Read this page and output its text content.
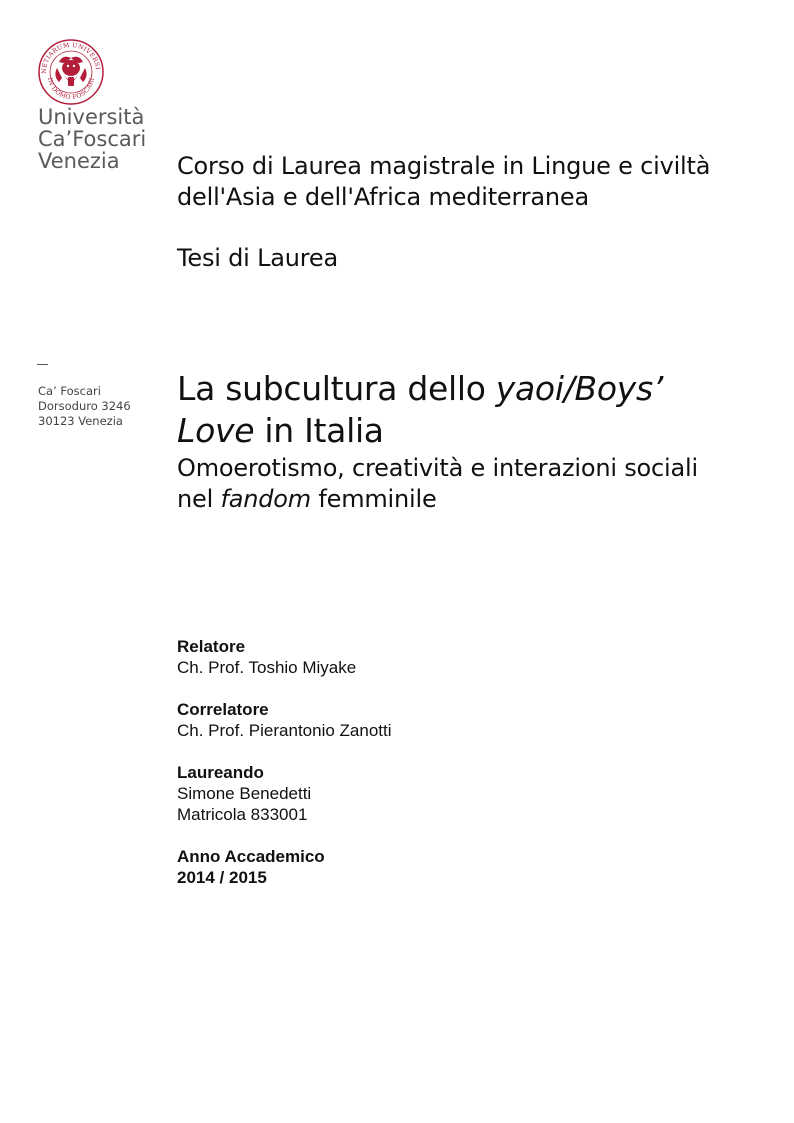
NETIARUM UNIVERSI
IN DOMO FOSCARI
Università
Ca’Foscari
Venezia
Ca’ Foscari
Dorsoduro 3246
30123 Venezia
Corso di Laurea magistrale in Lingue e civiltà
dell'Asia e dell'Africa mediterranea
Tesi di Laurea
La subcultura dello yaoi/Boys’
Love in Italia
Omoerotismo, creatività e interazioni sociali
nel fandom femminile
Relatore
Ch. Prof. Toshio Miyake
Correlatore
Ch. Prof. Pierantonio Zanotti
Laureando
Simone Benedetti
Matricola 833001
Anno Accademico
2014 / 2015
